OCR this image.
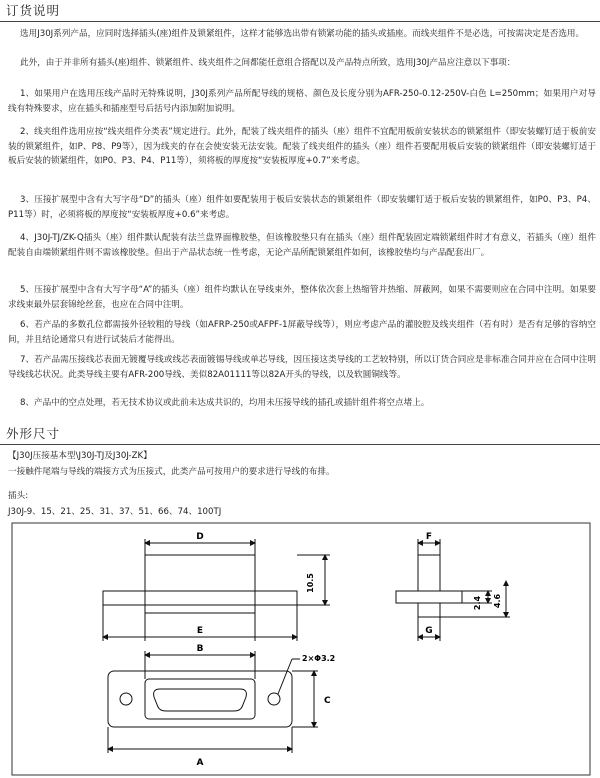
订货说明

选用J30J系列产品，应同时选择插头(座)组件及锁紧组件，这样才能够选出带有锁紧功能的插头或插座。而线夹组件不是必选，可按需决定是否选用。

此外，由于并非所有插头(座)组件、锁紧组件、线夹组件之间都能任意组合搭配以及产品特点所致，选用J30J产品应注意以下事项：

1、如果用户在选用压线产品时无特殊说明，J30J系列产品所配导线的规格、颜色及长度分别为AFR-250-0.12-250V-白色 L=250mm；如果用户对导线有特殊要求，应在插头和插座型号后括号内添加附加说明。

2、线夹组件选用应按“线夹组件分类表”规定进行。此外，配装了线夹组件的插头（座）组件不宜配用板前安装状态的锁紧组件（即安装螺钉适于板前安装的锁紧组件，如P、P8、P9等），因为线夹的存在会使安装无法安装。配装了线夹组件的插头（座）组件若要配用板后安装的锁紧组件（即安装螺钉适于板后安装的锁紧组件，如P0、P3、P4、P11等），须将板的厚度按“安装板厚度+0.7”来考虑。

3、压接扩展型中含有大写字母“D”的插头（座）组件如要配装用于板后安装状态的锁紧组件（即安装螺钉适于板后安装的锁紧组件，如P0、P3、P4、P11等）时，必须将板的厚度按“安装板厚度+0.6”来考虑。

4、J30J-TJ/ZK-Q插头（座）组件默认配装有法兰盘界面橡胶垫，但该橡胶垫只有在插头（座）组件配装固定端锁紧组件时才有意义，若插头（座）组件配装自由端锁紧组件则不需该橡胶垫。但出于产品状态统一性考虑，无论产品所配锁紧组件如何，该橡胶垫均与产品配套出厂。

5、压接扩展型中含有大写字母“A”的插头（座）组件均默认在导线束外，整体依次套上热缩管并热缩、屏蔽网，如果不需要则应在合同中注明。如果要求线束最外层套锦纶丝套，也应在合同中注明。

6、若产品的多数孔位都需接外径较粗的导线（如AFRP-250或AFPF-1屏蔽导线等），则应考虑产品的灌胶腔及线夹组件（若有时）是否有足够的容纳空间，并且结论通常只有进行试装后才能得出。

7、若产品需压接线芯表面无镀覆导线或线芯表面镀锡导线或单芯导线，因压接这类导线的工艺较特别，所以订货合同应是非标准合同并应在合同中注明导线线芯状况。此类导线主要有AFR-200导线、美似82A01111等以82A开头的导线，以及软圆铜线等。

8、产品中的空点处理，若无技术协议或此前未达成共识的，均用未压接导线的插孔或插针组件将空点堵上。

外形尺寸
【J30J压接基本型\J30J-TJ及J30J-ZK】
一接触件尾端与导线的端接方式为压接式，此类产品可按用户的要求进行导线的布排。
插头:
J30J-9、15、21、25、31、37、51、66、74、100TJ
D
E
10.5
F
G
2.4 4.6
B
A
C
2×Φ3.2
